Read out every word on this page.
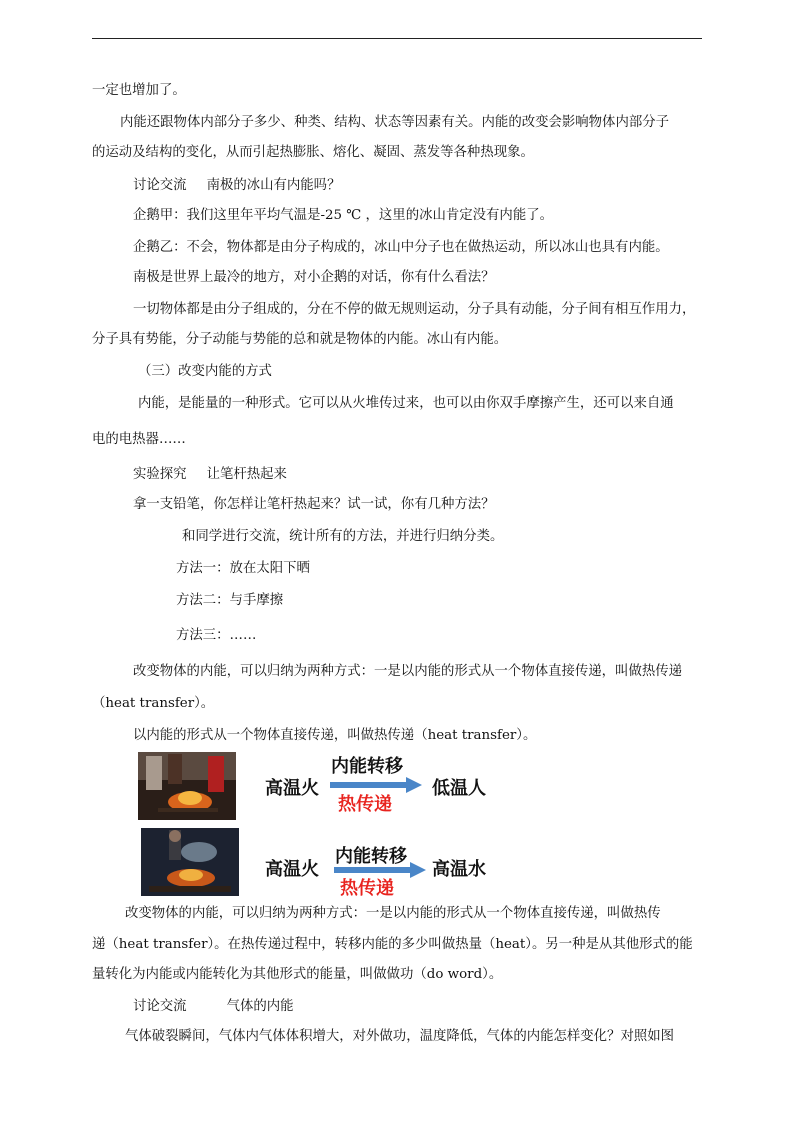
一定也增加了。
内能还跟物体内部分子多少、种类、结构、状态等因素有关。内能的改变会影响物体内部分子
的运动及结构的变化，从而引起热膨胀、熔化、凝固、蒸发等各种热现象。
讨论交流 南极的冰山有内能吗？
企鹅甲：我们这里年平均气温是-25 ℃ ，这里的冰山肯定没有内能了。
企鹅乙：不会，物体都是由分子构成的，冰山中分子也在做热运动，所以冰山也具有内能。
南极是世界上最冷的地方，对小企鹅的对话，你有什么看法？
一切物体都是由分子组成的，分在不停的做无规则运动，分子具有动能，分子间有相互作用力，
分子具有势能，分子动能与势能的总和就是物体的内能。冰山有内能。
（三）改变内能的方式
内能，是能量的一种形式。它可以从火堆传过来，也可以由你双手摩擦产生，还可以来自通
电的电热器……
实验探究 让笔杆热起来
拿一支铅笔，你怎样让笔杆热起来？试一试，你有几种方法？
和同学进行交流，统计所有的方法，并进行归纳分类。
方法一：放在太阳下晒
方法二：与手摩擦
方法三：……
改变物体的内能，可以归纳为两种方式：一是以内能的形式从一个物体直接传递，叫做热传递
（heat transfer）。
以内能的形式从一个物体直接传递，叫做热传递（heat transfer）。
高温火
内能转移
热传递
低温人
高温火
内能转移
热传递
高温水
改变物体的内能，可以归纳为两种方式：一是以内能的形式从一个物体直接传递，叫做热传
递（heat transfer）。在热传递过程中，转移内能的多少叫做热量（heat）。另一种是从其他形式的能
量转化为内能或内能转化为其他形式的能量，叫做做功（do word）。
讨论交流	气体的内能
气体破裂瞬间，气体内气体体积增大，对外做功，温度降低，气体的内能怎样变化？对照如图
